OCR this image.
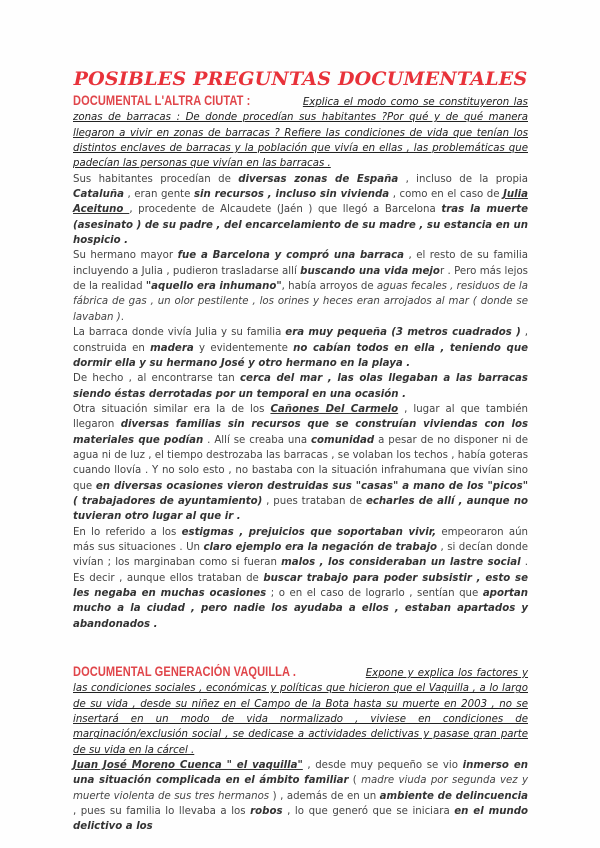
POSIBLES PREGUNTAS DOCUMENTALES

DOCUMENTAL L'ALTRA CIUTAT :	Explica el modo como se constituyeron las zonas de barracas : De donde procedían sus habitantes ?Por qué y de qué manera llegaron a vivir en zonas de barracas ? Refiere las condiciones de vida que tenían los distintos enclaves de barracas y la población que vivía en ellas , las problemáticas que padecían las personas que vivían en las barracas .

Sus habitantes procedían de diversas zonas de España , incluso de la propia Cataluña , eran gente sin recursos , incluso sin vivienda , como en el caso de Julia Aceituno , procedente de Alcaudete (Jaén ) que llegó a Barcelona tras la muerte (asesinato ) de su padre , del encarcelamiento de su madre , su estancia en un hospicio .

Su hermano mayor fue a Barcelona y compró una barraca , el resto de su familia incluyendo a Julia , pudieron trasladarse allí buscando una vida mejor . Pero más lejos de la realidad "aquello era inhumano", había arroyos de aguas fecales , residuos de la fábrica de gas , un olor pestilente , los orines y heces eran arrojados al mar ( donde se lavaban ).

La barraca donde vivía Julia y su familia era muy pequeña (3 metros cuadrados ) , construida en madera y evidentemente no cabían todos en ella , teniendo que dormir ella y su hermano José y otro hermano en la playa .

De hecho , al encontrarse tan cerca del mar , las olas llegaban a las barracas siendo éstas derrotadas por un temporal en una ocasión .

Otra situación similar era la de los Cañones Del Carmelo , lugar al que también llegaron diversas familias sin recursos que se construían viviendas con los materiales que podían . Allí se creaba una comunidad a pesar de no disponer ni de agua ni de luz , el tiempo destrozaba las barracas , se volaban los techos , había goteras cuando llovía . Y no solo esto , no bastaba con la situación infrahumana que vivían sino que en diversas ocasiones vieron destruidas sus "casas" a mano de los "picos" ( trabajadores de ayuntamiento) , pues trataban de echarles de allí , aunque no tuvieran otro lugar al que ir .

En lo referido a los estigmas , prejuicios que soportaban vivir, empeoraron aún más sus situaciones . Un claro ejemplo era la negación de trabajo , si decían donde vivían ; los marginaban como si fueran malos , los consideraban un lastre social . Es decir , aunque ellos trataban de buscar trabajo para poder subsistir , esto se les negaba en muchas ocasiones ; o en el caso de lograrlo , sentían que aportan mucho a la ciudad , pero nadie los ayudaba a ellos , estaban apartados y abandonados .

DOCUMENTAL GENERACIÓN VAQUILLA .	Expone y explica los factores y las condiciones sociales , económicas y políticas que hicieron que el Vaquilla , a lo largo de su vida , desde su niñez en el Campo de la Bota hasta su muerte en 2003 , no se insertará en un modo de vida normalizado , viviese en condiciones de marginación/exclusión social , se dedicase a actividades delictivas y pasase gran parte de su vida en la cárcel .

Juan José Moreno Cuenca " el vaquilla" , desde muy pequeño se vio inmerso en una situación complicada en el ámbito familiar ( madre viuda por segunda vez y muerte violenta de sus tres hermanos ) , además de en un ambiente de delincuencia , pues su familia lo llevaba a los robos , lo que generó que se iniciara en el mundo delictivo a los
